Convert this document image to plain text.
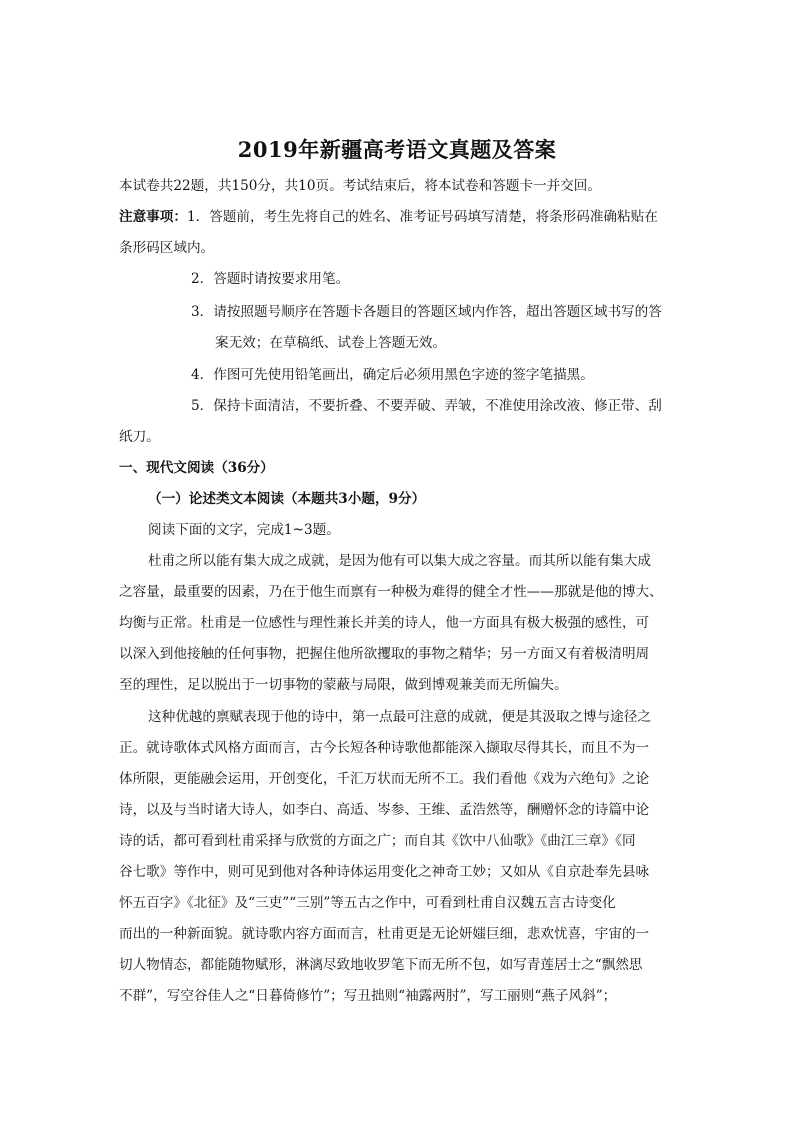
2019年新疆高考语文真题及答案
本试卷共22题，共150分，共10页。考试结束后，将本试卷和答题卡一并交回。
注意事项：1．答题前，考生先将自己的姓名、准考证号码填写清楚，将条形码准确粘贴在
条形码区域内。
2．答题时请按要求用笔。
3．请按照题号顺序在答题卡各题目的答题区域内作答，超出答题区域书写的答
案无效；在草稿纸、试卷上答题无效。
4．作图可先使用铅笔画出，确定后必须用黑色字迹的签字笔描黑。
5．保持卡面清洁，不要折叠、不要弄破、弄皱，不准使用涂改液、修正带、刮
纸刀。
一、现代文阅读（36分）
（一）论述类文本阅读（本题共3小题，9分）
阅读下面的文字，完成1~3题。
杜甫之所以能有集大成之成就，是因为他有可以集大成之容量。而其所以能有集大成
之容量，最重要的因素，乃在于他生而禀有一种极为难得的健全才性——那就是他的博大、
均衡与正常。杜甫是一位感性与理性兼长并美的诗人，他一方面具有极大极强的感性，可
以深入到他接触的任何事物，把握住他所欲攫取的事物之精华；另一方面又有着极清明周
至的理性，足以脱出于一切事物的蒙蔽与局限，做到博观兼美而无所偏失。
这种优越的禀赋表现于他的诗中，第一点最可注意的成就，便是其汲取之博与途径之
正。就诗歌体式风格方面而言，古今长短各种诗歌他都能深入撷取尽得其长，而且不为一
体所限，更能融会运用，开创变化，千汇万状而无所不工。我们看他《戏为六绝句》之论
诗，以及与当时诸大诗人，如李白、高适、岑参、王维、孟浩然等，酬赠怀念的诗篇中论
诗的话，都可看到杜甫采择与欣赏的方面之广；而自其《饮中八仙歌》《曲江三章》《同
谷七歌》等作中，则可见到他对各种诗体运用变化之神奇工妙；又如从《自京赴奉先县咏
怀五百字》《北征》及“三吏”“三别”等五古之作中，可看到杜甫自汉魏五言古诗变化
而出的一种新面貌。就诗歌内容方面而言，杜甫更是无论妍媸巨细，悲欢忧喜，宇宙的一
切人物情态，都能随物赋形，淋漓尽致地收罗笔下而无所不包，如写青莲居士之“飘然思
不群”，写空谷佳人之“日暮倚修竹”；写丑拙则“袖露两肘”，写工丽则“燕子风斜”；
